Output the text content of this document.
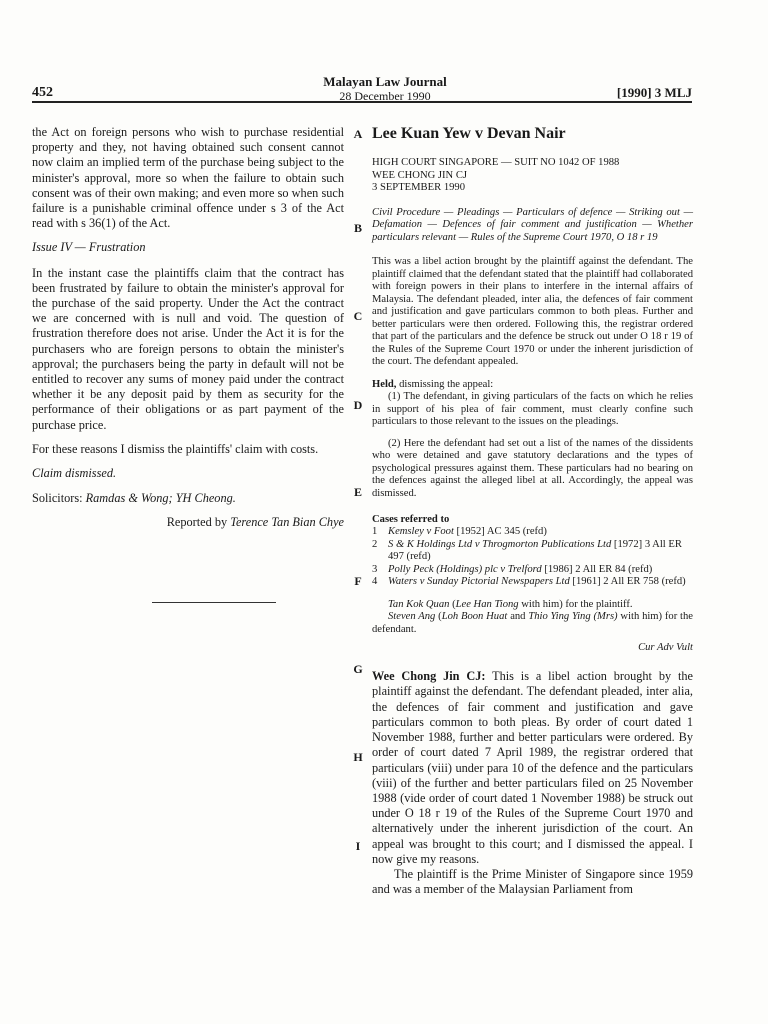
452
Malayan Law Journal
28 December 1990	[1990] 3 MLJ

the Act on foreign persons who wish to purchase residential property and they, not having obtained such consent cannot now claim an implied term of the purchase being subject to the minister's approval, more so when the failure to obtain such consent was of their own making; and even more so when such failure is a punishable criminal offence under s 3 of the Act read with s 36(1) of the Act.

Issue IV — Frustration

In the instant case the plaintiffs claim that the contract has been frustrated by failure to obtain the minister's approval for the purchase of the said property. Under the Act the contract we are concerned with is null and void. The question of frustration therefore does not arise. Under the Act it is for the purchasers who are foreign persons to obtain the minister's approval; the purchasers being the party in default will not be entitled to recover any sums of money paid under the contract whether it be any deposit paid by them as security for the performance of their obligations or as part payment of the purchase price.

For these reasons I dismiss the plaintiffs' claim with costs.

Claim dismissed.

Solicitors: Ramdas & Wong; YH Cheong.

Reported by Terence Tan Bian Chye

A
B
C
D
E
F
G
H
I
Lee Kuan Yew v Devan Nair
HIGH COURT SINGAPORE — SUIT NO 1042 OF 1988
WEE CHONG JIN CJ
3 SEPTEMBER 1990
Civil Procedure — Pleadings — Particulars of defence — Striking out — Defamation — Defences of fair comment and justification — Whether particulars relevant — Rules of the Supreme Court 1970, O 18 r 19
This was a libel action brought by the plaintiff against the defendant. The plaintiff claimed that the defendant stated that the plaintiff had collaborated with foreign powers in their plans to interfere in the internal affairs of Malaysia. The defendant pleaded, inter alia, the defences of fair comment and justification and gave particulars common to both pleas. Further and better particulars were then ordered. Following this, the registrar ordered that part of the particulars and the defence be struck out under O 18 r 19 of the Rules of the Supreme Court 1970 or under the inherent jurisdiction of the court. The defendant appealed.

Held, dismissing the appeal:

(1) The defendant, in giving particulars of the facts on which he relies in support of his plea of fair comment, must clearly confine such particulars to those relevant to the issues on the pleadings.

(2) Here the defendant had set out a list of the names of the dissidents who were detained and gave statutory declarations and the types of psychological pressures against them. These particulars had no bearing on the defences against the alleged libel at all. Accordingly, the appeal was dismissed.

Cases referred to
1 Kemsley v Foot [1952] AC 345 (refd)
2 S & K Holdings Ltd v Throgmorton Publications Ltd [1972] 3 All ER 497 (refd)
3 Polly Peck (Holdings) plc v Trelford [1986] 2 All ER 84 (refd)
4 Waters v Sunday Pictorial Newspapers Ltd [1961] 2 All ER 758 (refd)
Tan Kok Quan (Lee Han Tiong with him) for the plaintiff.
Steven Ang (Loh Boon Huat and Thio Ying Ying (Mrs) with him) for the defendant.
Cur Adv Vult

Wee Chong Jin CJ: This is a libel action brought by the plaintiff against the defendant. The defendant pleaded, inter alia, the defences of fair comment and justification and gave particulars common to both pleas. By order of court dated 1 November 1988, further and better particulars were ordered. By order of court dated 7 April 1989, the registrar ordered that particulars (viii) under para 10 of the defence and the particulars (viii) of the further and better particulars filed on 25 November 1988 (vide order of court dated 1 November 1988) be struck out under O 18 r 19 of the Rules of the Supreme Court 1970 and alternatively under the inherent jurisdiction of the court. An appeal was brought to this court; and I dismissed the appeal. I now give my reasons.

The plaintiff is the Prime Minister of Singapore since 1959 and was a member of the Malaysian Parliament from
